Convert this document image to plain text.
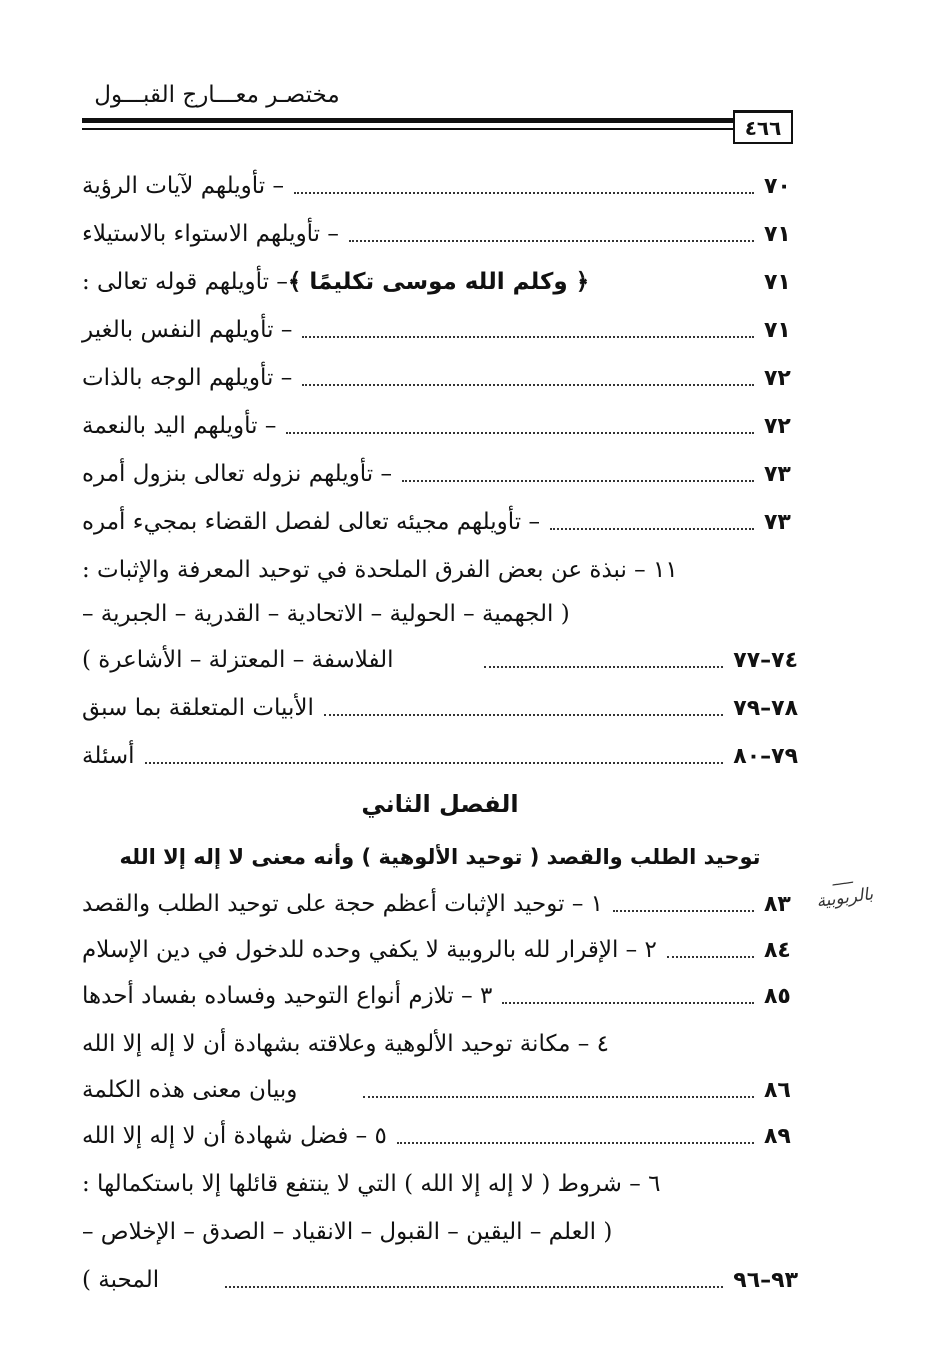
مختصـر معـــارج القبـــول
٤٦٦
– تأويلهم لآيات الرؤية	٧٠
– تأويلهم الاستواء بالاستيلاء	٧١
– تأويلهم قوله تعالى : ﴿ وكلم الله موسى تكليمًا ﴾	٧١
– تأويلهم النفس بالغير	٧١
– تأويلهم الوجه بالذات	٧٢
– تأويلهم اليد بالنعمة	٧٢
– تأويلهم نزوله تعالى بنزول أمره	٧٣
– تأويلهم مجيئه تعالى لفصل القضاء بمجيء أمره	٧٣
١١ – نبذة عن بعض الفرق الملحدة في توحيد المعرفة والإثبات :
( الجهمية – الحولية – الاتحادية – القدرية – الجبرية –
الفلاسفة – المعتزلة – الأشاعرة )	٧٤–٧٧
الأبيات المتعلقة بما سبق	٧٨–٧٩
أسئلة	٧٩–٨٠
الفصل الثاني
توحيد الطلب والقصد ( توحيد الألوهية ) وأنه معنى لا إله إلا الله
١ – توحيد الإثبات أعظم حجة على توحيد الطلب والقصد	٨٣
٢ – الإقرار لله بالروبية لا يكفي وحده للدخول في دين الإسلام	٨٤
٣ – تلازم أنواع التوحيد وفساده بفساد أحدها	٨٥
٤ – مكانة توحيد الألوهية وعلاقته بشهادة أن لا إله إلا الله
وبيان معنى هذه الكلمة	٨٦
٥ – فضل شهادة أن لا إله إلا الله	٨٩
٦ – شروط ( لا إله إلا الله ) التي لا ينتفع قائلها إلا باستكمالها :
( العلم – اليقين – القبول – الانقياد – الصدق – الإخلاص –
المحبة )	٩٣–٩٦
ـــــ
بالربوبية
